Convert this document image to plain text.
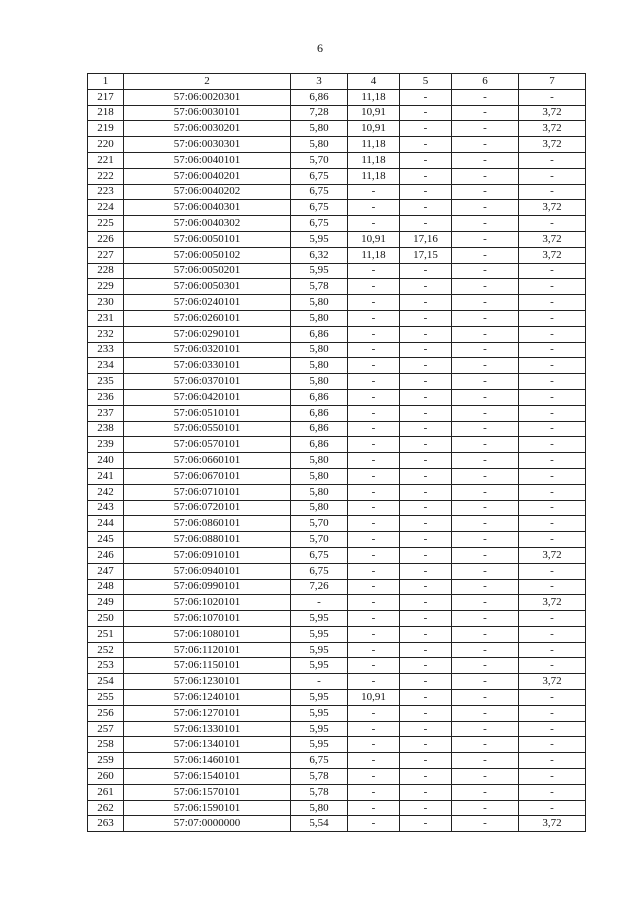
6
1	2	3	4	5	6	7
217	57:06:0020301	6,86	11,18	-	-	-
218	57:06:0030101	7,28	10,91	-	-	3,72
219	57:06:0030201	5,80	10,91	-	-	3,72
220	57:06:0030301	5,80	11,18	-	-	3,72
221	57:06:0040101	5,70	11,18	-	-	-
222	57:06:0040201	6,75	11,18	-	-	-
223	57:06:0040202	6,75	-	-	-	-
224	57:06:0040301	6,75	-	-	-	3,72
225	57:06:0040302	6,75	-	-	-	-
226	57:06:0050101	5,95	10,91	17,16	-	3,72
227	57:06:0050102	6,32	11,18	17,15	-	3,72
228	57:06:0050201	5,95	-	-	-	-
229	57:06:0050301	5,78	-	-	-	-
230	57:06:0240101	5,80	-	-	-	-
231	57:06:0260101	5,80	-	-	-	-
232	57:06:0290101	6,86	-	-	-	-
233	57:06:0320101	5,80	-	-	-	-
234	57:06:0330101	5,80	-	-	-	-
235	57:06:0370101	5,80	-	-	-	-
236	57:06:0420101	6,86	-	-	-	-
237	57:06:0510101	6,86	-	-	-	-
238	57:06:0550101	6,86	-	-	-	-
239	57:06:0570101	6,86	-	-	-	-
240	57:06:0660101	5,80	-	-	-	-
241	57:06:0670101	5,80	-	-	-	-
242	57:06:0710101	5,80	-	-	-	-
243	57:06:0720101	5,80	-	-	-	-
244	57:06:0860101	5,70	-	-	-	-
245	57:06:0880101	5,70	-	-	-	-
246	57:06:0910101	6,75	-	-	-	3,72
247	57:06:0940101	6,75	-	-	-	-
248	57:06:0990101	7,26	-	-	-	-
249	57:06:1020101	-	-	-	-	3,72
250	57:06:1070101	5,95	-	-	-	-
251	57:06:1080101	5,95	-	-	-	-
252	57:06:1120101	5,95	-	-	-	-
253	57:06:1150101	5,95	-	-	-	-
254	57:06:1230101	-	-	-	-	3,72
255	57:06:1240101	5,95	10,91	-	-	-
256	57:06:1270101	5,95	-	-	-	-
257	57:06:1330101	5,95	-	-	-	-
258	57:06:1340101	5,95	-	-	-	-
259	57:06:1460101	6,75	-	-	-	-
260	57:06:1540101	5,78	-	-	-	-
261	57:06:1570101	5,78	-	-	-	-
262	57:06:1590101	5,80	-	-	-	-
263	57:07:0000000	5,54	-	-	-	3,72
